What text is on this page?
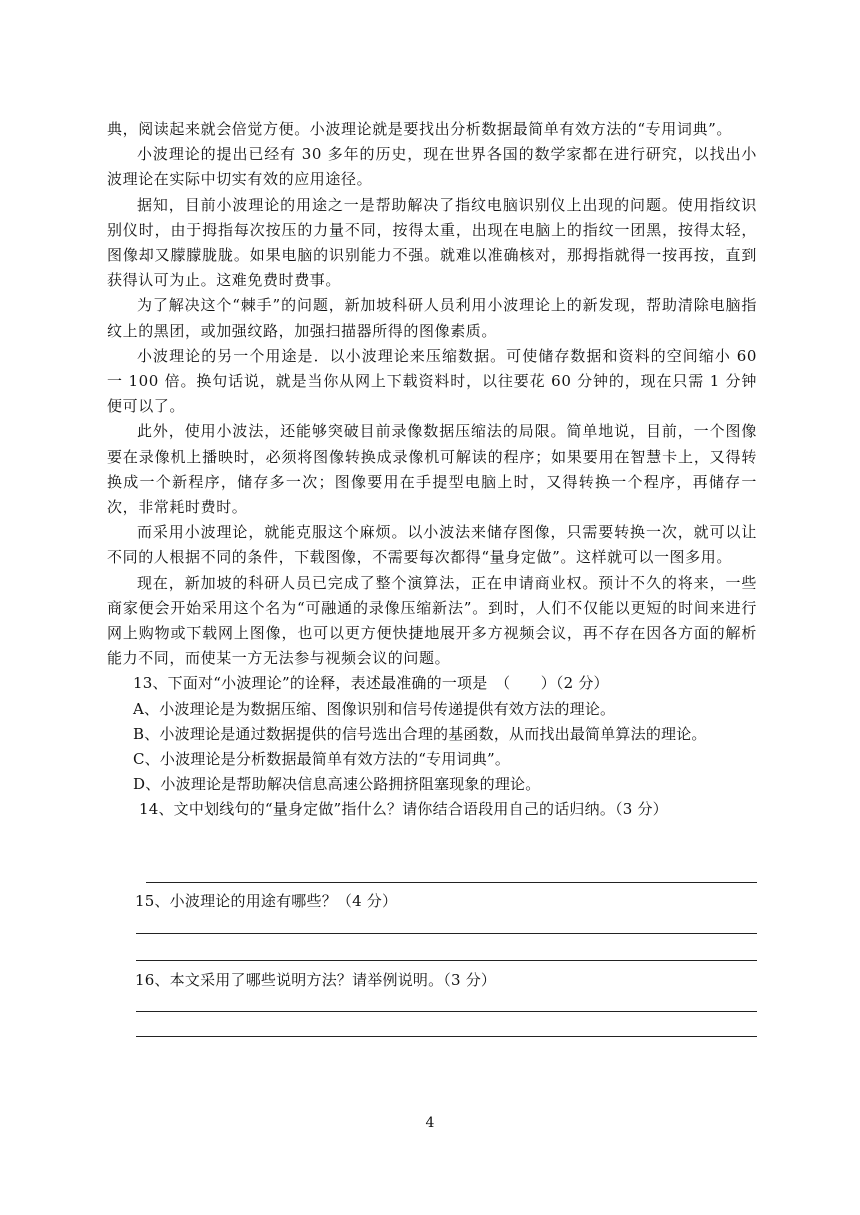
典，阅读起来就会倍觉方便。小波理论就是要找出分析数据最简单有效方法的“专用词典”。

小波理论的提出已经有 30 多年的历史，现在世界各国的数学家都在进行研究，以找出小波理论在实际中切实有效的应用途径。

据知，目前小波理论的用途之一是帮助解决了指纹电脑识别仪上出现的问题。使用指纹识别仪时，由于拇指每次按压的力量不同，按得太重，出现在电脑上的指纹一团黑，按得太轻，图像却又朦朦胧胧。如果电脑的识别能力不强。就难以准确核对，那拇指就得一按再按，直到获得认可为止。这难免费时费事。

为了解决这个“棘手”的问题，新加坡科研人员利用小波理论上的新发现，帮助清除电脑指纹上的黑团，或加强纹路，加强扫描器所得的图像素质。

小波理论的另一个用途是．以小波理论来压缩数据。可使储存数据和资料的空间缩小 60 一 100 倍。换句话说，就是当你从网上下载资料时，以往要花 60 分钟的，现在只需 1 分钟便可以了。

此外，使用小波法，还能够突破目前录像数据压缩法的局限。简单地说，目前，一个图像要在录像机上播映时，必须将图像转换成录像机可解读的程序；如果要用在智慧卡上，又得转换成一个新程序，储存多一次；图像要用在手提型电脑上时，又得转换一个程序，再储存一次，非常耗时费时。

而采用小波理论，就能克服这个麻烦。以小波法来储存图像，只需要转换一次，就可以让不同的人根据不同的条件，下载图像，不需要每次都得“量身定做”。这样就可以一图多用。

现在，新加坡的科研人员已完成了整个演算法，正在申请商业权。预计不久的将来，一些商家便会开始采用这个名为“可融通的录像压缩新法”。到时，人们不仅能以更短的时间来进行网上购物或下载网上图像，也可以更方便快捷地展开多方视频会议，再不存在因各方面的解析能力不同，而使某一方无法参与视频会议的问题。

13、下面对“小波理论”的诠释，表述最准确的一项是　（　　）（2 分）

A、小波理论是为数据压缩、图像识别和信号传递提供有效方法的理论。

B、小波理论是通过数据提供的信号选出合理的基函数，从而找出最简单算法的理论。

C、小波理论是分析数据最简单有效方法的“专用词典”。

D、小波理论是帮助解决信息高速公路拥挤阻塞现象的理论。

14、文中划线句的“量身定做”指什么？请你结合语段用自己的话归纳。（3 分）

15、小波理论的用途有哪些？（4 分）

16、本文采用了哪些说明方法？请举例说明。（3 分）

4
